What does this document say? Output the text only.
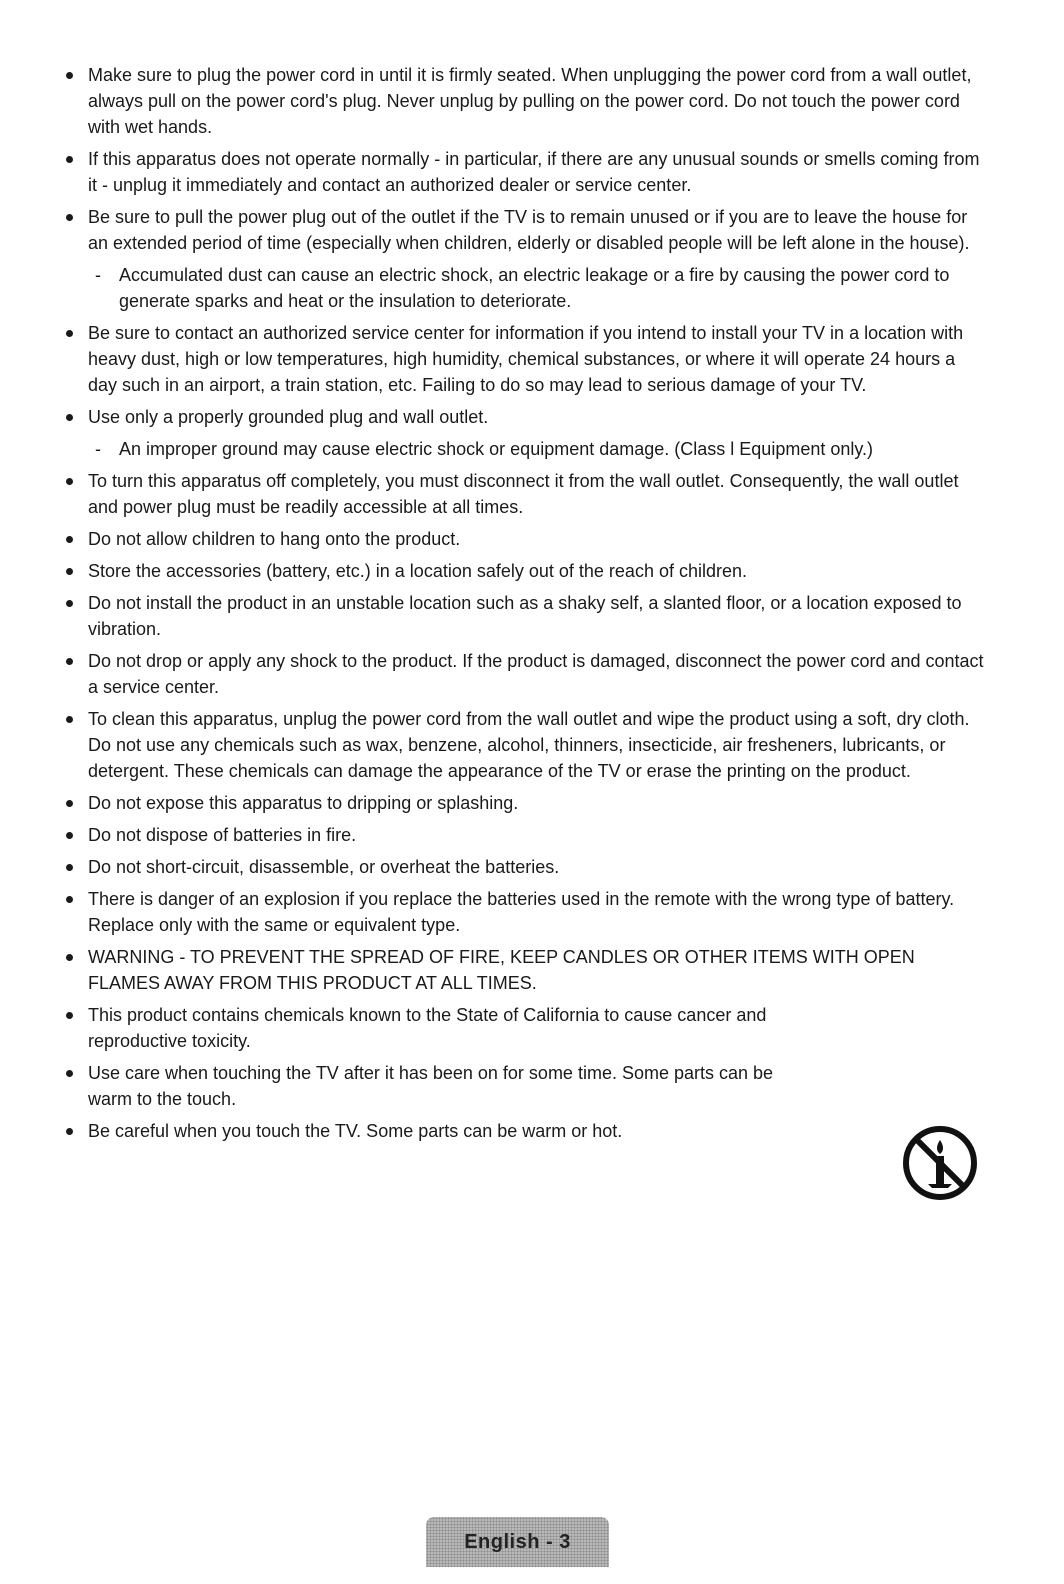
Make sure to plug the power cord in until it is firmly seated. When unplugging the power cord from a wall outlet, always pull on the power cord's plug. Never unplug by pulling on the power cord. Do not touch the power cord with wet hands.
If this apparatus does not operate normally - in particular, if there are any unusual sounds or smells coming from it - unplug it immediately and contact an authorized dealer or service center.
Be sure to pull the power plug out of the outlet if the TV is to remain unused or if you are to leave the house for an extended period of time (especially when children, elderly or disabled people will be left alone in the house).
- Accumulated dust can cause an electric shock, an electric leakage or a fire by causing the power cord to generate sparks and heat or the insulation to deteriorate.
Be sure to contact an authorized service center for information if you intend to install your TV in a location with heavy dust, high or low temperatures, high humidity, chemical substances, or where it will operate 24 hours a day such in an airport, a train station, etc. Failing to do so may lead to serious damage of your TV.
Use only a properly grounded plug and wall outlet.
- An improper ground may cause electric shock or equipment damage. (Class l Equipment only.)
To turn this apparatus off completely, you must disconnect it from the wall outlet. Consequently, the wall outlet and power plug must be readily accessible at all times.
Do not allow children to hang onto the product.
Store the accessories (battery, etc.) in a location safely out of the reach of children.
Do not install the product in an unstable location such as a shaky self, a slanted floor, or a location exposed to vibration.
Do not drop or apply any shock to the product. If the product is damaged, disconnect the power cord and contact a service center.
To clean this apparatus, unplug the power cord from the wall outlet and wipe the product using a soft, dry cloth. Do not use any chemicals such as wax, benzene, alcohol, thinners, insecticide, air fresheners, lubricants, or detergent. These chemicals can damage the appearance of the TV or erase the printing on the product.
Do not expose this apparatus to dripping or splashing.
Do not dispose of batteries in fire.
Do not short-circuit, disassemble, or overheat the batteries.
There is danger of an explosion if you replace the batteries used in the remote with the wrong type of battery. Replace only with the same or equivalent type.
WARNING - TO PREVENT THE SPREAD OF FIRE, KEEP CANDLES OR OTHER ITEMS WITH OPEN FLAMES AWAY FROM THIS PRODUCT AT ALL TIMES.
This product contains chemicals known to the State of California to cause cancer and reproductive toxicity.
Use care when touching the TV after it has been on for some time. Some parts can be warm to the touch.
Be careful when you touch the TV. Some parts can be warm or hot.
English - 3
